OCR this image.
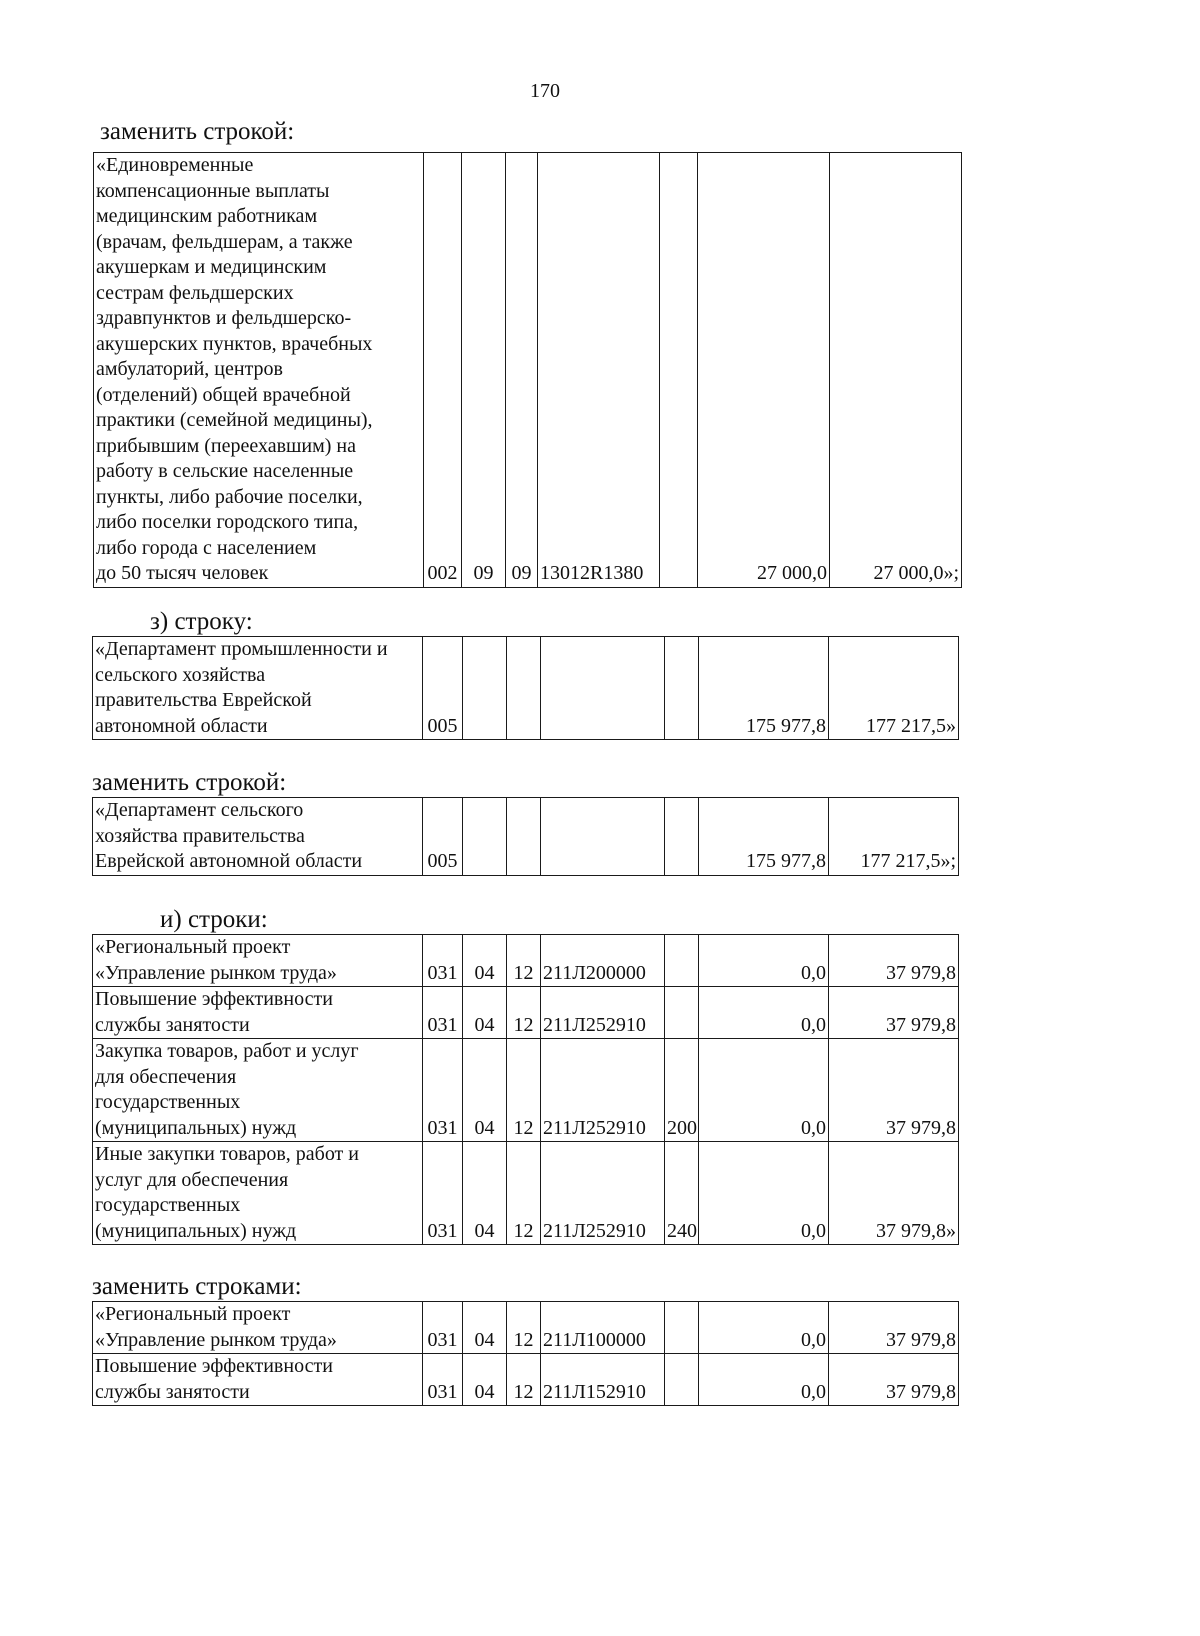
170
заменить строкой:
«Единовременные
компенсационные выплаты
медицинским работникам
(врачам, фельдшерам, а также
акушеркам и медицинским
сестрам фельдшерских
здравпунктов и фельдшерско-
акушерских пунктов, врачебных
амбулаторий, центров
(отделений) общей врачебной
практики (семейной медицины),
прибывшим (переехавшим) на
работу в сельские населенные
пункты, либо рабочие поселки,
либо поселки городского типа,
либо города с населением
до 50 тысяч человек	002	09	09	13012R1380		27 000,0	27 000,0»;
з) строку:
«Департамент промышленности и
сельского хозяйства
правительства Еврейской
автономной области	005					175 977,8	177 217,5»
заменить строкой:
«Департамент сельского
хозяйства правительства
Еврейской автономной области	005					175 977,8	177 217,5»;
и) строки:
«Региональный проект
«Управление рынком труда»	031	04	12	211Л200000		0,0	37 979,8

Повышение эффективности
службы занятости	031	04	12	211Л252910		0,0	37 979,8

Закупка товаров, работ и услуг
для обеспечения
государственных
(муниципальных) нужд	031	04	12	211Л252910	200	0,0	37 979,8

Иные закупки товаров, работ и
услуг для обеспечения
государственных
(муниципальных) нужд	031	04	12	211Л252910	240	0,0	37 979,8»
заменить строками:
«Региональный проект
«Управление рынком труда»	031	04	12	211Л100000		0,0	37 979,8

Повышение эффективности
службы занятости	031	04	12	211Л152910		0,0	37 979,8
